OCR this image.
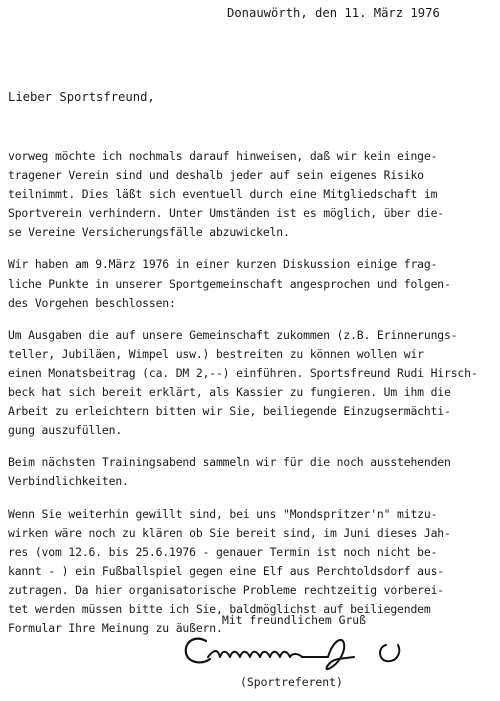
Donauwörth, den 11. März 1976
Lieber Sportsfreund,
vorweg möchte ich nochmals darauf hinweisen, daß wir kein einge-
tragener Verein sind und deshalb jeder auf sein eigenes Risiko
teilnimmt. Dies läßt sich eventuell durch eine Mitgliedschaft im
Sportverein verhindern. Unter Umständen ist es möglich, über die-
se Vereine Versicherungsfälle abzuwickeln.
Wir haben am 9.März 1976 in einer kurzen Diskussion einige frag-
liche Punkte in unserer Sportgemeinschaft angesprochen und folgen-
des Vorgehen beschlossen:
Um Ausgaben die auf unsere Gemeinschaft zukommen (z.B. Erinnerungs-
teller, Jubiläen, Wimpel usw.) bestreiten zu können wollen wir
einen Monatsbeitrag (ca. DM 2,--) einführen. Sportsfreund Rudi Hirsch-
beck hat sich bereit erklärt, als Kassier zu fungieren. Um ihm die
Arbeit zu erleichtern bitten wir Sie, beiliegende Einzugsermächti-
gung auszufüllen.
Beim nächsten Trainingsabend sammeln wir für die noch ausstehenden
Verbindlichkeiten.
Wenn Sie weiterhin gewillt sind, bei uns "Mondspritzer'n" mitzu-
wirken wäre noch zu klären ob Sie bereit sind, im Juni dieses Jah-
res (vom 12.6. bis 25.6.1976 - genauer Termin ist noch nicht be-
kannt - ) ein Fußballspiel gegen eine Elf aus Perchtoldsdorf aus-
zutragen. Da hier organisatorische Probleme rechtzeitig vorberei-
tet werden müssen bitte ich Sie, baldmöglichst auf beiliegendem
Formular Ihre Meinung zu äußern.
Mit freundlichem Gruß
(Sportreferent)
